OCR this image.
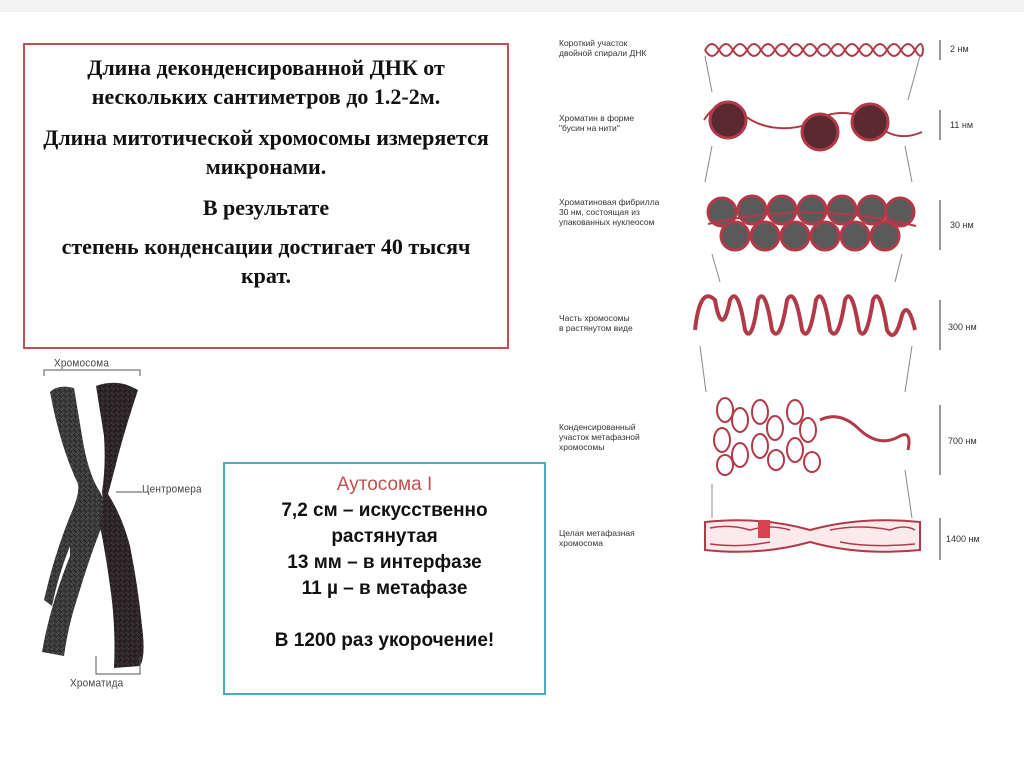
Длина деконденсированной ДНК от нескольких сантиметров до 1.2-2м.

Длина митотической хромосомы измеряется микронами.

В результате

степень конденсации достигает 40 тысяч крат.

Хромосома
Центромера
Хроматида
Аутосома I
7,2 см – искусственно
растянутая
13 мм – в интерфазе
11 µ – в метафазе
В 1200 раз укорочение!
Короткий участок
двойной спирали ДНК
Хроматин в форме
"бусин на нити"
Хроматиновая фибрилла
30 нм, состоящая из
упакованных нуклеосом
Часть хромосомы
в растянутом виде
Конденсированный
участок метафазной
хромосомы
Целая метафазная
хромосома
2 нм
11 нм
30 нм
300 нм
700 нм
1400 нм
